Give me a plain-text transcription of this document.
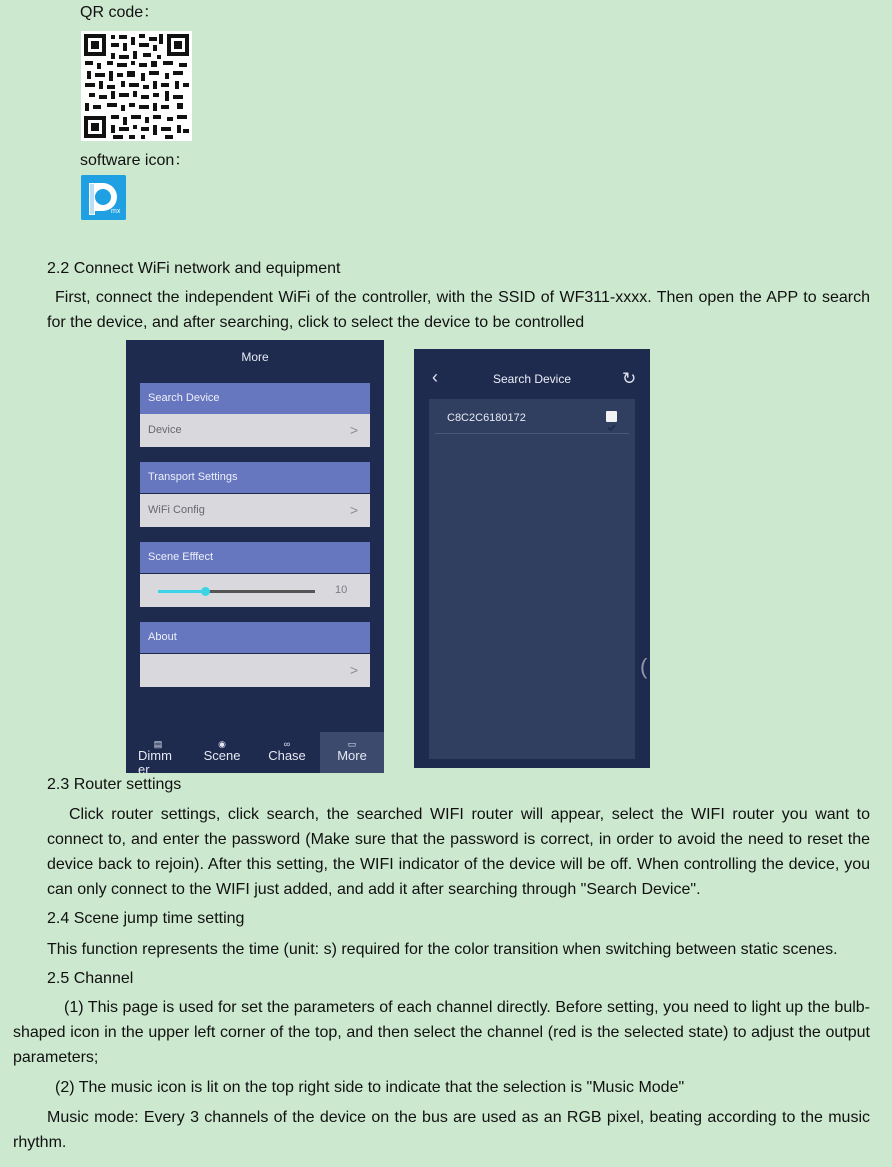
QR code：
software icon：
mx
2.2 Connect WiFi network and equipment
First, connect the independent WiFi of the controller, with the SSID of WF311-xxxx. Then open the APP to search for the device, and after searching, click to select the device to be controlled
More
Search Device
Device	>
Transport Settings
WiFi Config	>
Scene Efffect
10
About
>
▤
Dimmer
◉
Scene
∞
Chase
▭
More
‹	Search Device	↻
C8C2C6180172
(
2.3 Router settings
Click router settings, click search, the searched WIFI router will appear, select the WIFI router you want to connect to, and enter the password (Make sure that the password is correct, in order to avoid the need to reset the device back to rejoin). After this setting, the WIFI indicator of the device will be off. When controlling the device, you can only connect to the WIFI just added, and add it after searching through "Search Device".
2.4 Scene jump time setting
This function represents the time (unit: s) required for the color transition when switching between static scenes.
2.5 Channel
(1) This page is used for set the parameters of each channel directly. Before setting, you need to light up the bulb-shaped icon in the upper left corner of the top, and then select the channel (red is the selected state) to adjust the output parameters;
(2) The music icon is lit on the top right side to indicate that the selection is "Music Mode"
Music mode: Every 3 channels of the device on the bus are used as an RGB pixel, beating according to the music rhythm.
